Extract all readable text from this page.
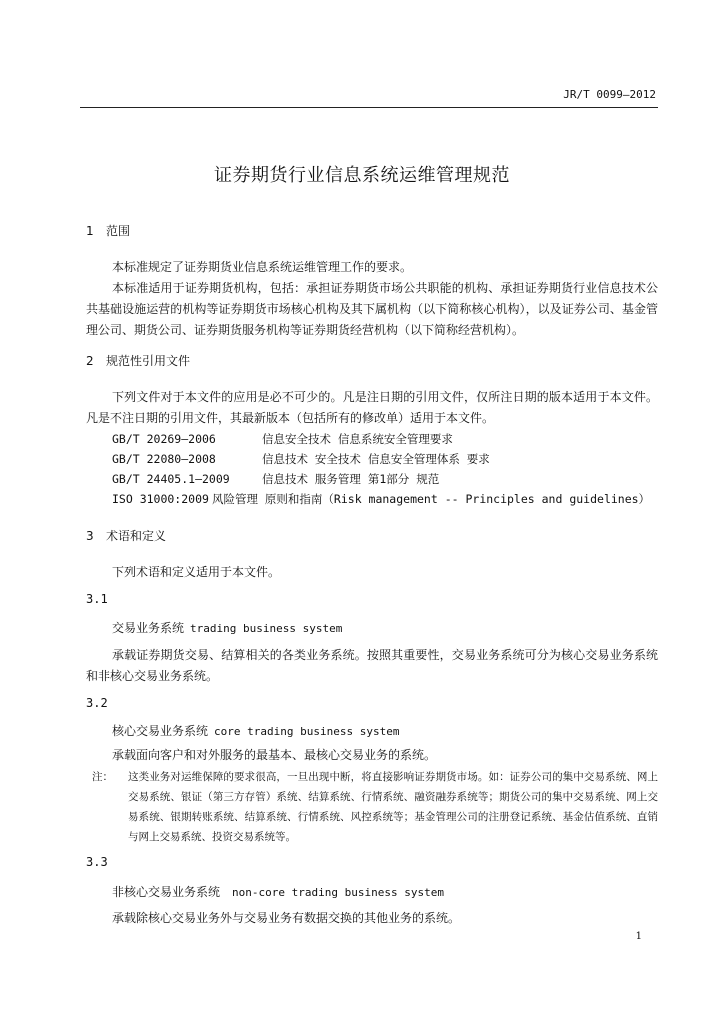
JR/T 0099—2012
证券期货行业信息系统运维管理规范
1 范围
本标准规定了证券期货业信息系统运维管理工作的要求。
本标准适用于证券期货机构，包括：承担证券期货市场公共职能的机构、承担证券期货行业信息技术公共基础设施运营的机构等证券期货市场核心机构及其下属机构（以下简称核心机构），以及证券公司、基金管理公司、期货公司、证券期货服务机构等证券期货经营机构（以下简称经营机构）。
2 规范性引用文件
下列文件对于本文件的应用是必不可少的。凡是注日期的引用文件，仅所注日期的版本适用于本文件。凡是不注日期的引用文件，其最新版本（包括所有的修改单）适用于本文件。
GB/T 20269—2006	信息安全技术 信息系统安全管理要求
GB/T 22080—2008	信息技术 安全技术 信息安全管理体系 要求
GB/T 24405.1—2009	信息技术 服务管理 第1部分 规范
ISO 31000:2009 风险管理 原则和指南（Risk management -- Principles and guidelines）
3 术语和定义
下列术语和定义适用于本文件。
3.1
交易业务系统 trading business system
承载证券期货交易、结算相关的各类业务系统。按照其重要性，交易业务系统可分为核心交易业务系统和非核心交易业务系统。
3.2
核心交易业务系统 core trading business system
承载面向客户和对外服务的最基本、最核心交易业务的系统。
注： 这类业务对运维保障的要求很高，一旦出现中断，将直接影响证券期货市场。如：证券公司的集中交易系统、网上交易系统、银证（第三方存管）系统、结算系统、行情系统、融资融券系统等；期货公司的集中交易系统、网上交易系统、银期转账系统、结算系统、行情系统、风控系统等；基金管理公司的注册登记系统、基金估值系统、直销与网上交易系统、投资交易系统等。
3.3
非核心交易业务系统 non-core trading business system
承载除核心交易业务外与交易业务有数据交换的其他业务的系统。
1
